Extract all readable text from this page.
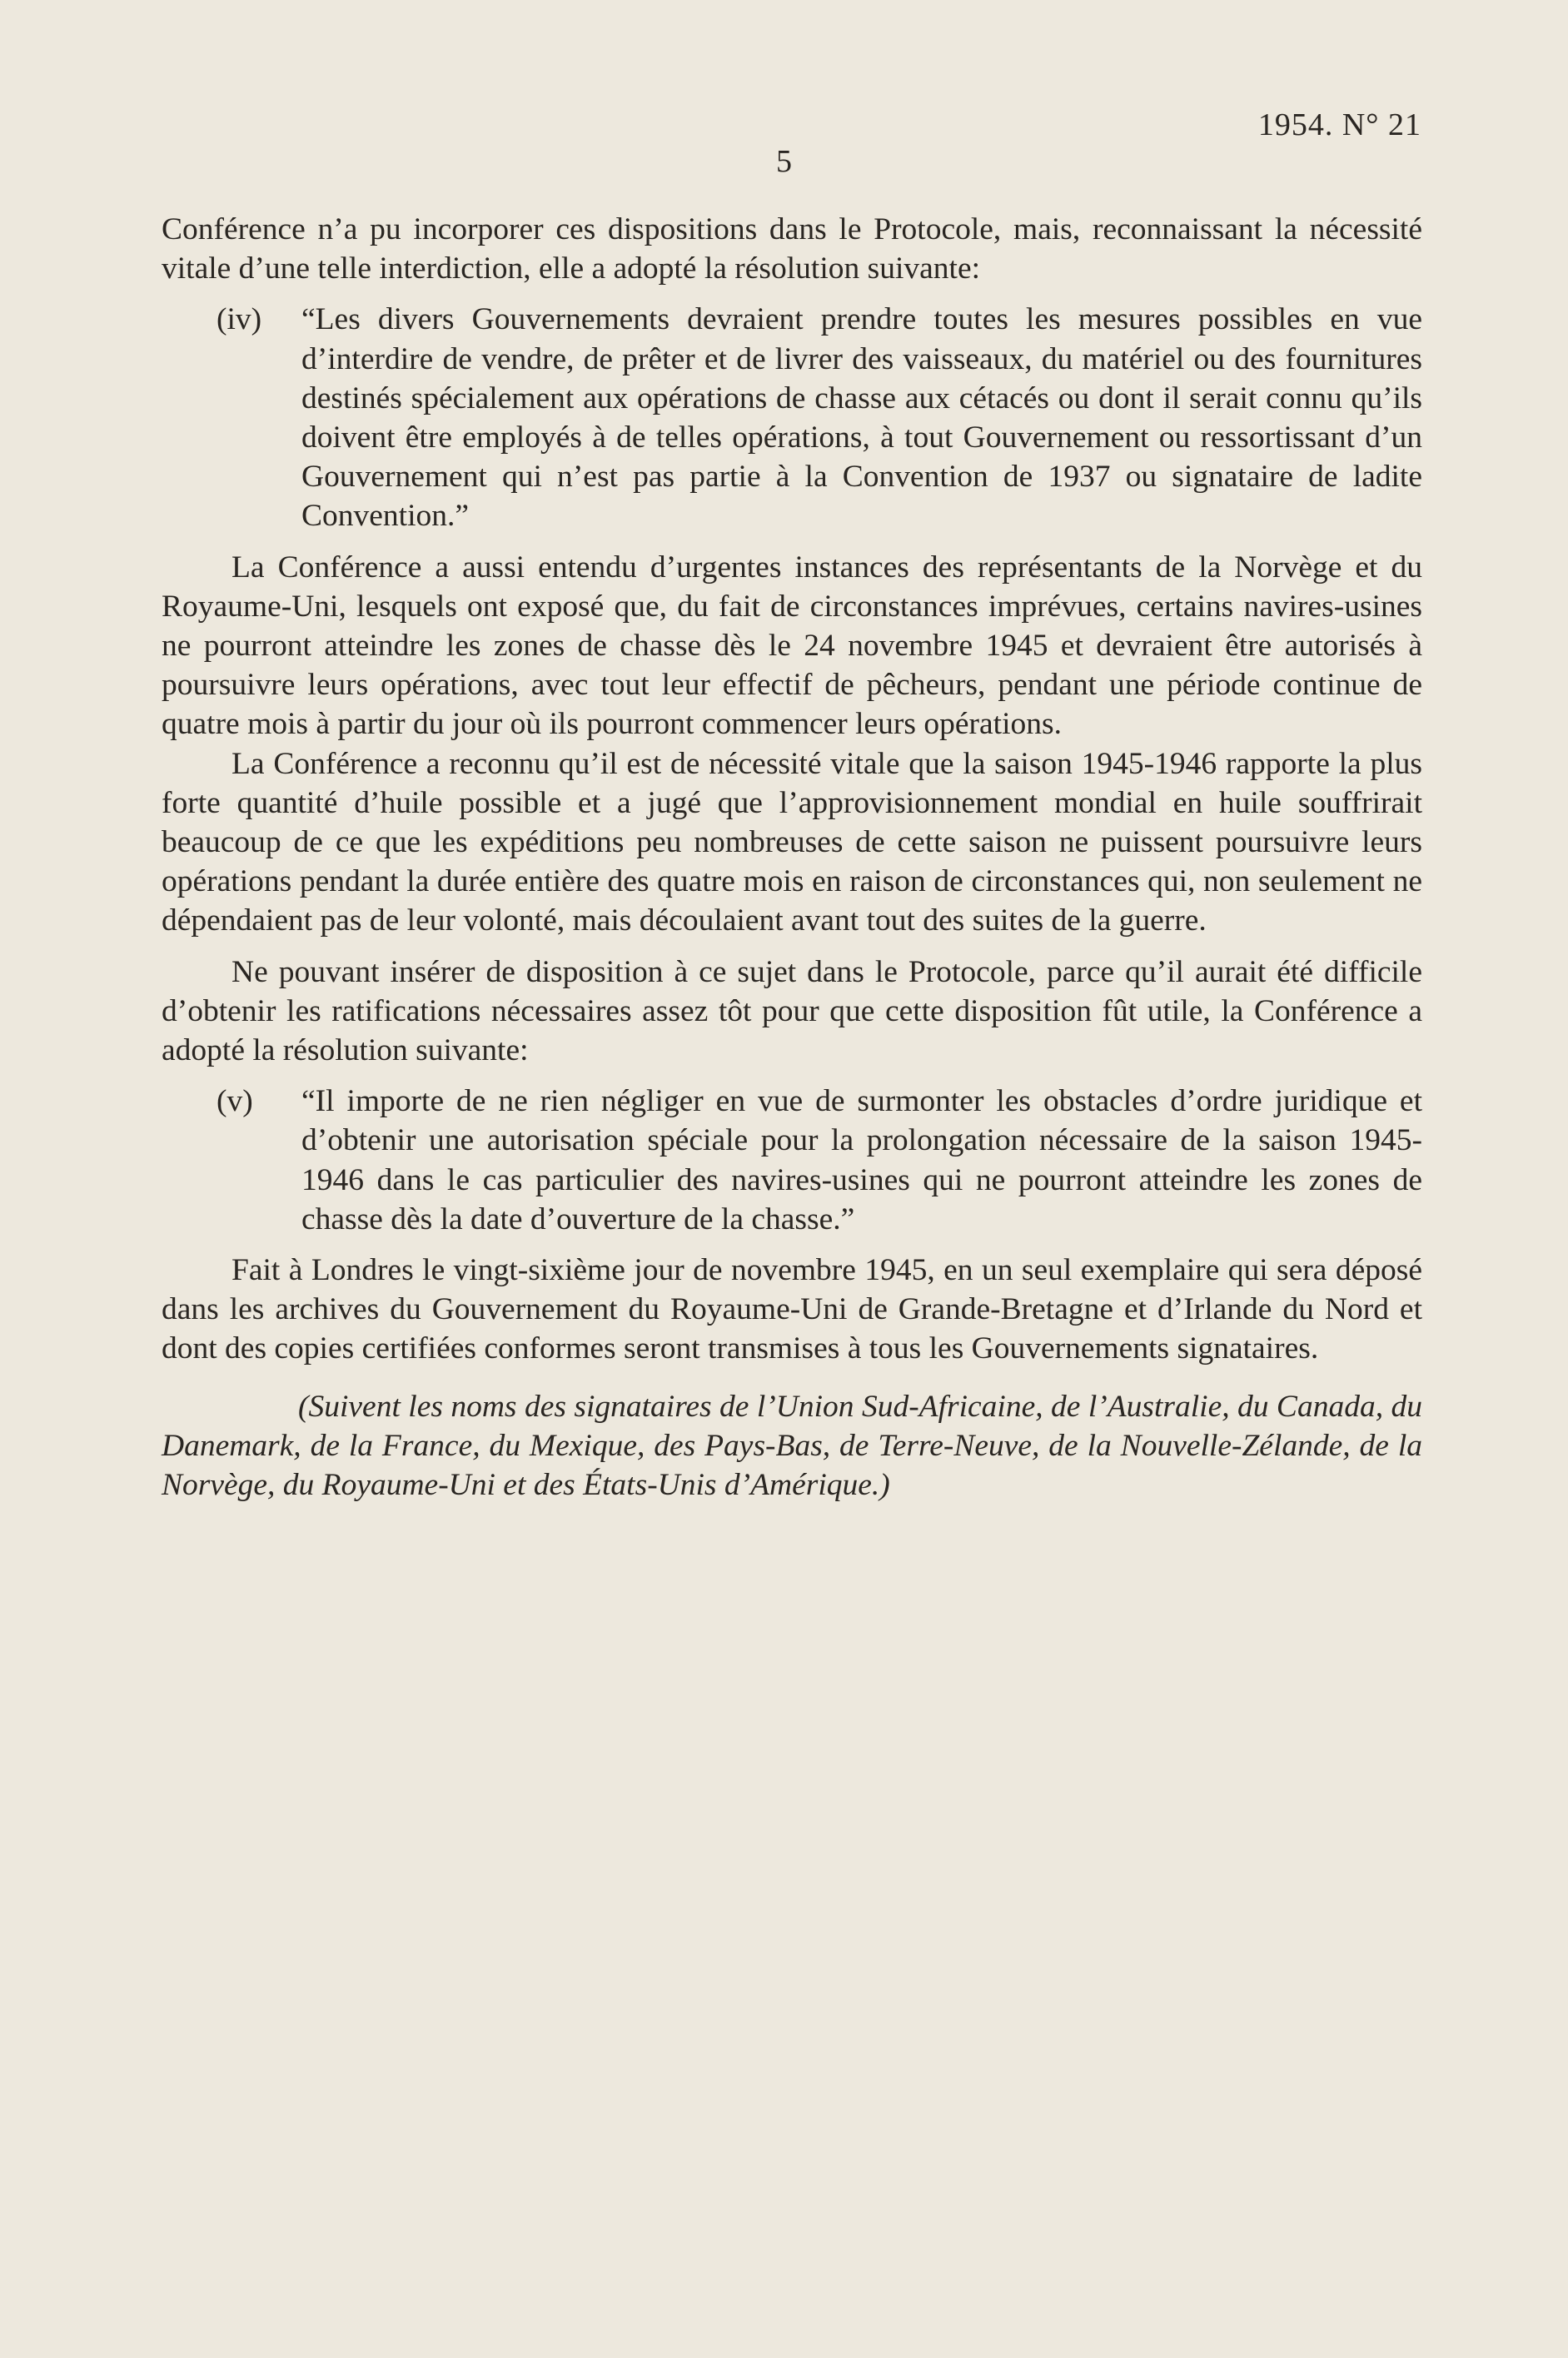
1954. N° 21
5

Conférence n’a pu incorporer ces dispositions dans le Protocole, mais, reconnaissant la nécessité vitale d’une telle interdiction, elle a adopté la résolution suivante:

(iv)	“Les divers Gouvernements devraient prendre toutes les mesures possibles en vue d’interdire de vendre, de prêter et de livrer des vaisseaux, du matériel ou des fournitures destinés spécialement aux opérations de chasse aux cétacés ou dont il serait connu qu’ils doivent être employés à de telles opérations, à tout Gouvernement ou ressortissant d’un Gouvernement qui n’est pas partie à la Convention de 1937 ou signataire de ladite Convention.”

La Conférence a aussi entendu d’urgentes instances des représentants de la Norvège et du Royaume-Uni, lesquels ont exposé que, du fait de circonstances imprévues, certains navires-usines ne pourront atteindre les zones de chasse dès le 24 novembre 1945 et devraient être autorisés à poursuivre leurs opérations, avec tout leur effectif de pêcheurs, pendant une période continue de quatre mois à partir du jour où ils pourront commencer leurs opérations.

La Conférence a reconnu qu’il est de nécessité vitale que la saison 1945-1946 rapporte la plus forte quantité d’huile possible et a jugé que l’approvisionnement mondial en huile souffrirait beaucoup de ce que les expéditions peu nombreuses de cette saison ne puissent poursuivre leurs opérations pendant la durée entière des quatre mois en raison de circonstances qui, non seulement ne dépendaient pas de leur volonté, mais découlaient avant tout des suites de la guerre.

Ne pouvant insérer de disposition à ce sujet dans le Protocole, parce qu’il aurait été difficile d’obtenir les ratifications nécessaires assez tôt pour que cette disposition fût utile, la Conférence a adopté la résolution suivante:

(v)	“Il importe de ne rien négliger en vue de surmonter les obstacles d’ordre juridique et d’obtenir une autorisation spéciale pour la prolongation nécessaire de la saison 1945-1946 dans le cas particulier des navires-usines qui ne pourront atteindre les zones de chasse dès la date d’ouverture de la chasse.”

Fait à Londres le vingt-sixième jour de novembre 1945, en un seul exemplaire qui sera déposé dans les archives du Gouvernement du Royaume-Uni de Grande-Bretagne et d’Irlande du Nord et dont des copies certifiées conformes seront transmises à tous les Gouvernements signataires.

(Suivent les noms des signataires de l’Union Sud-Africaine, de l’Australie, du Canada, du Danemark, de la France, du Mexique, des Pays-Bas, de Terre-Neuve, de la Nouvelle-Zélande, de la Norvège, du Royaume-Uni et des États-Unis d’Amérique.)
